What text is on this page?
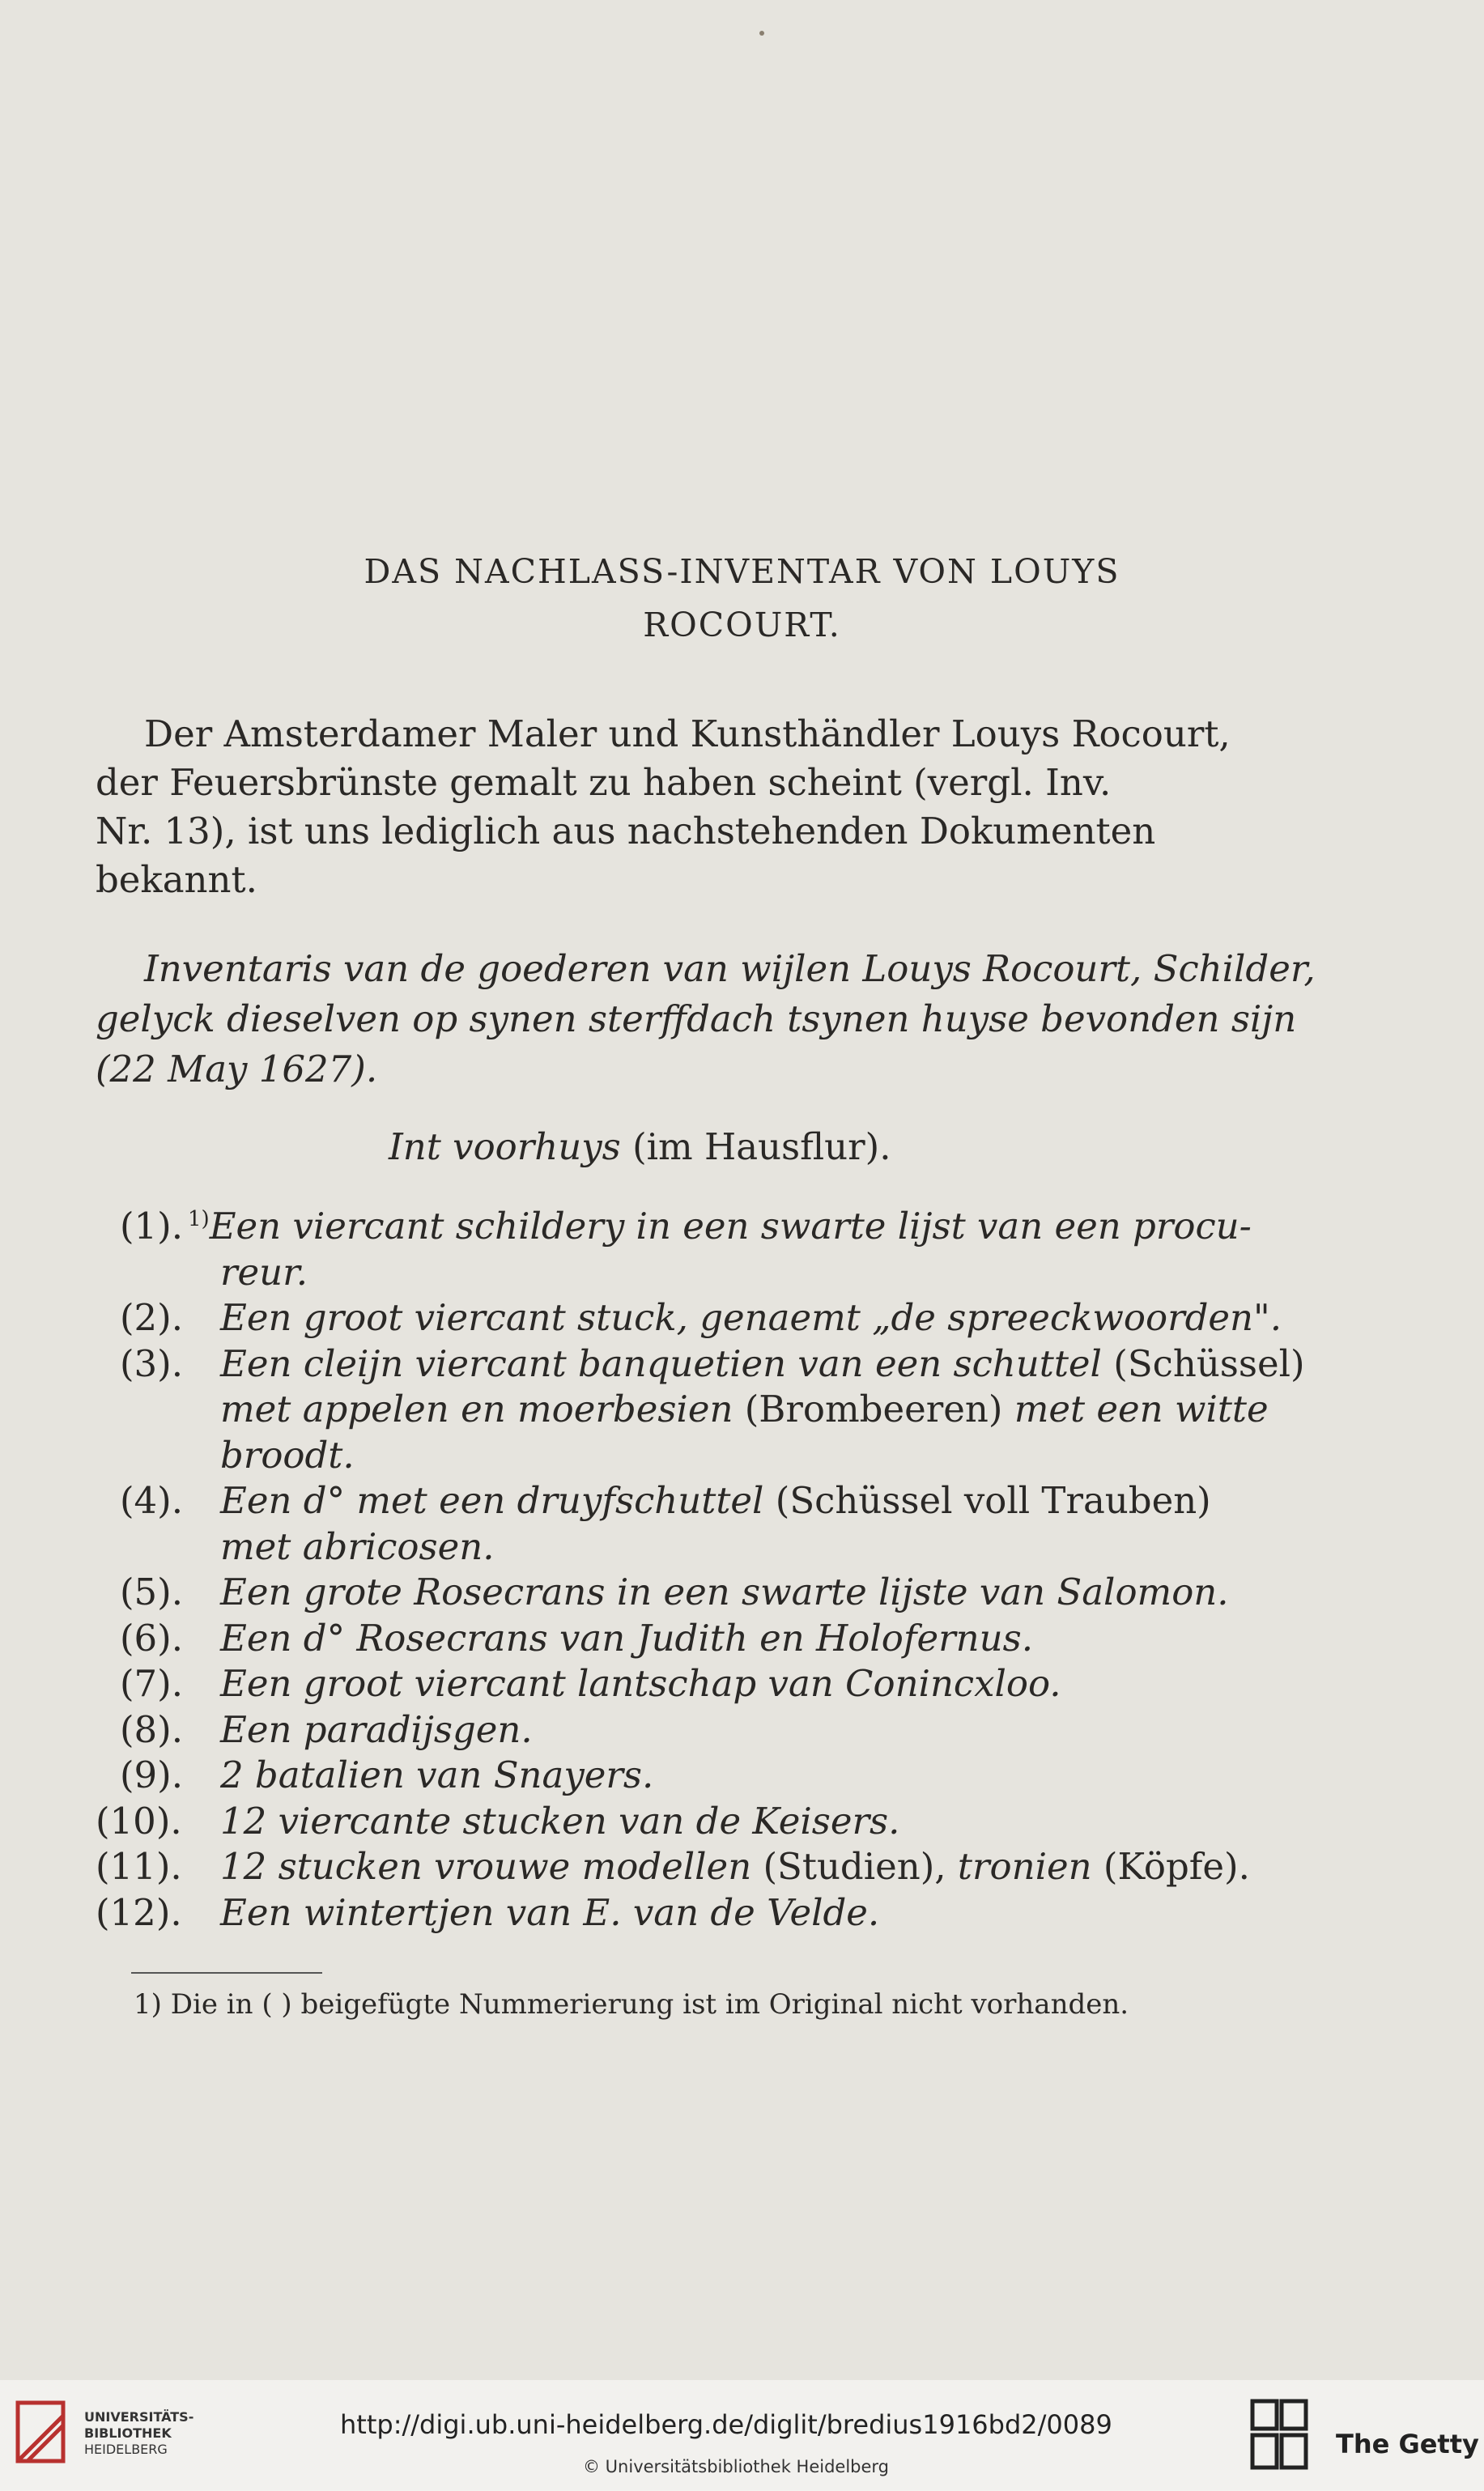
DAS NACHLASS-INVENTAR VON LOUYS
ROCOURT.
Der Amsterdamer Maler und Kunsthändler Louys Rocourt,
der Feuersbrünste gemalt zu haben scheint (vergl. Inv.
Nr. 13), ist uns lediglich aus nachstehenden Dokumenten
bekannt.
Inventaris van de goederen van wijlen Louys Rocourt, Schilder,
gelyck dieselven op synen sterffdach tsynen huyse bevonden sijn
(22 May 1627).
Int voorhuys (im Hausflur).
(1). $^{1)}$Een viercant schildery in een swarte lijst van een procu-
reur.
(2). Een groot viercant stuck, genaemt „de spreeckwoorden".
(3). Een cleijn viercant banquetien van een schuttel (Schüssel)
met appelen en moerbesien (Brombeeren) met een witte
broodt.
(4). Een d° met een druyfschuttel (Schüssel voll Trauben)
met abricosen.
(5). Een grote Rosecrans in een swarte lijste van Salomon.
(6). Een d° Rosecrans van Judith en Holofernus.
(7). Een groot viercant lantschap van Conincxloo.
(8). Een paradijsgen.
(9). 2 batalien van Snayers.
(10). 12 viercante stucken van de Keisers.
(11). 12 stucken vrouwe modellen (Studien), tronien (Köpfe).
(12). Een wintertjen van E. van de Velde.
1) Die in ( ) beigefügte Nummerierung ist im Original nicht vorhanden.
UNIVERSITÄTS-
BIBLIOTHEK
HEIDELBERG
http://digi.ub.uni-heidelberg.de/diglit/bredius1916bd2/0089
© Universitätsbibliothek Heidelberg
The Getty
